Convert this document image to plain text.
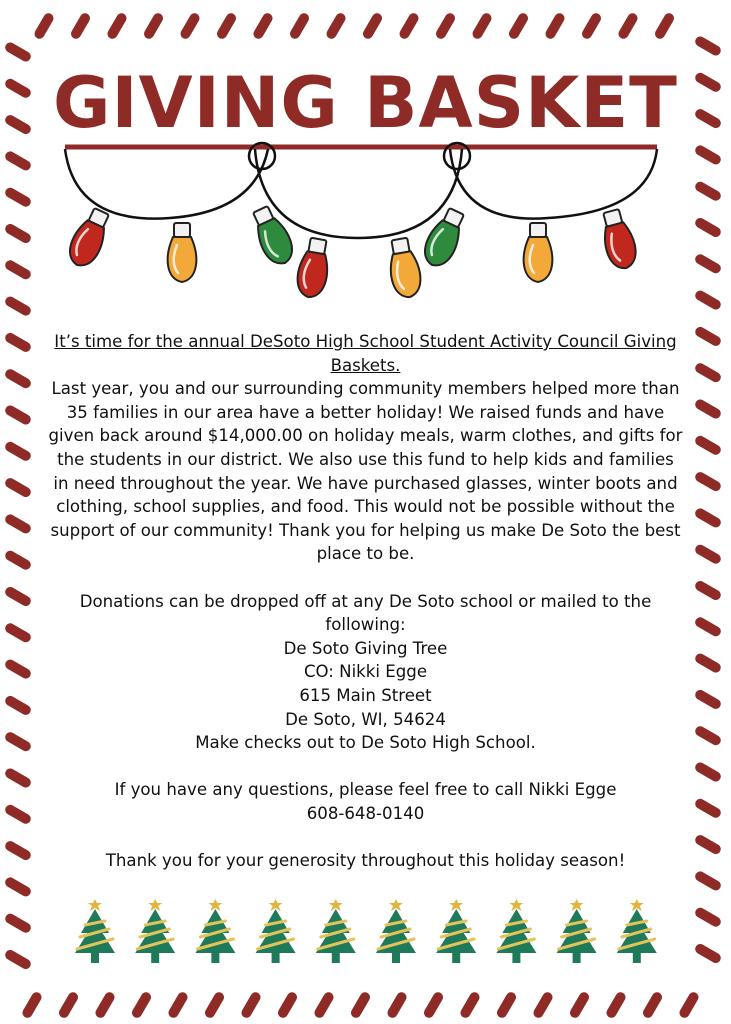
GIVING BASKET

It’s time for the annual DeSoto High School Student Activity Council Giving Baskets.

Last year, you and our surrounding community members helped more than 35 families in our area have a better holiday! We raised funds and have given back around $14,000.00 on holiday meals, warm clothes, and gifts for the students in our district. We also use this fund to help kids and families in need throughout the year. We have purchased glasses, winter boots and clothing, school supplies, and food. This would not be possible without the support of our community! Thank you for helping us make De Soto the best place to be.

Donations can be dropped off at any De Soto school or mailed to the following:

De Soto Giving Tree

CO: Nikki Egge

615 Main Street

De Soto, WI, 54624

Make checks out to De Soto High School.

If you have any questions, please feel free to call Nikki Egge

608-648-0140

Thank you for your generosity throughout this holiday season!
